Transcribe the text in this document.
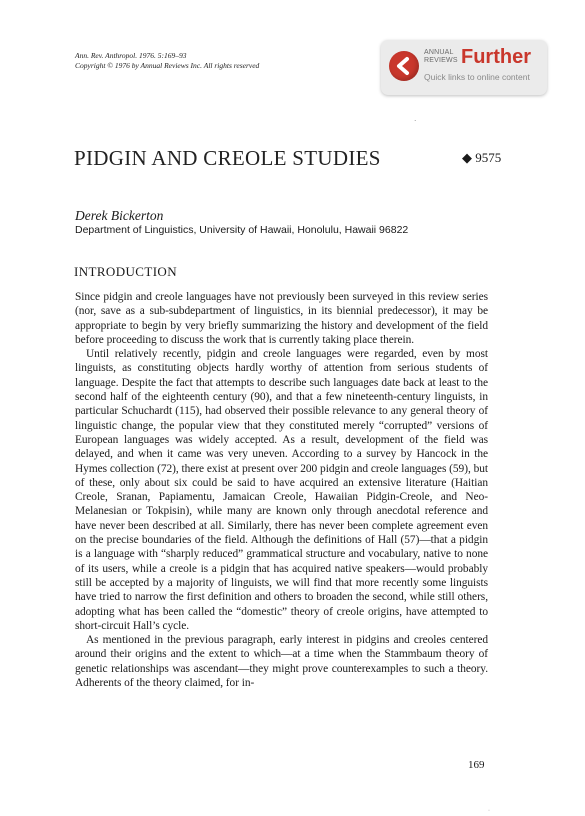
Ann. Rev. Anthropol. 1976. 5:169–93
Copyright © 1976 by Annual Reviews Inc. All rights reserved
ANNUAL
REVIEWS Further
Quick links to online content
·
PIDGIN AND CREOLE STUDIES	◆ 9575
Derek Bickerton
Department of Linguistics, University of Hawaii, Honolulu, Hawaii 96822
INTRODUCTION

Since pidgin and creole languages have not previously been surveyed in this review series (nor, save as a sub-subdepartment of linguistics, in its biennial predecessor), it may be appropriate to begin by very briefly summarizing the history and development of the field before proceeding to discuss the work that is currently taking place therein.

Until relatively recently, pidgin and creole languages were regarded, even by most linguists, as constituting objects hardly worthy of attention from serious students of language. Despite the fact that attempts to describe such languages date back at least to the second half of the eighteenth century (90), and that a few nineteenth-century linguists, in particular Schuchardt (115), had observed their possible relevance to any general theory of linguistic change, the popular view that they constituted merely “corrupted” versions of European languages was widely accepted. As a result, development of the field was delayed, and when it came was very uneven. According to a survey by Hancock in the Hymes collection (72), there exist at present over 200 pidgin and creole languages (59), but of these, only about six could be said to have acquired an extensive literature (Haitian Creole, Sranan, Papiamentu, Jamaican Creole, Hawaiian Pidgin-Creole, and Neo-Melanesian or Tokpisin), while many are known only through anecdotal reference and have never been described at all. Similarly, there has never been complete agreement even on the precise boundaries of the field. Although the definitions of Hall (57)—that a pidgin is a language with “sharply reduced” grammatical structure and vocabulary, native to none of its users, while a creole is a pidgin that has acquired native speakers—would probably still be accepted by a majority of linguists, we will find that more recently some linguists have tried to narrow the first definition and others to broaden the second, while still others, adopting what has been called the “domestic” theory of creole origins, have attempted to short-circuit Hall’s cycle.

As mentioned in the previous paragraph, early interest in pidgins and creoles centered around their origins and the extent to which—at a time when the Stammbaum theory of genetic relationships was ascendant—they might prove counterexamples to such a theory. Adherents of the theory claimed, for in-

169
·
